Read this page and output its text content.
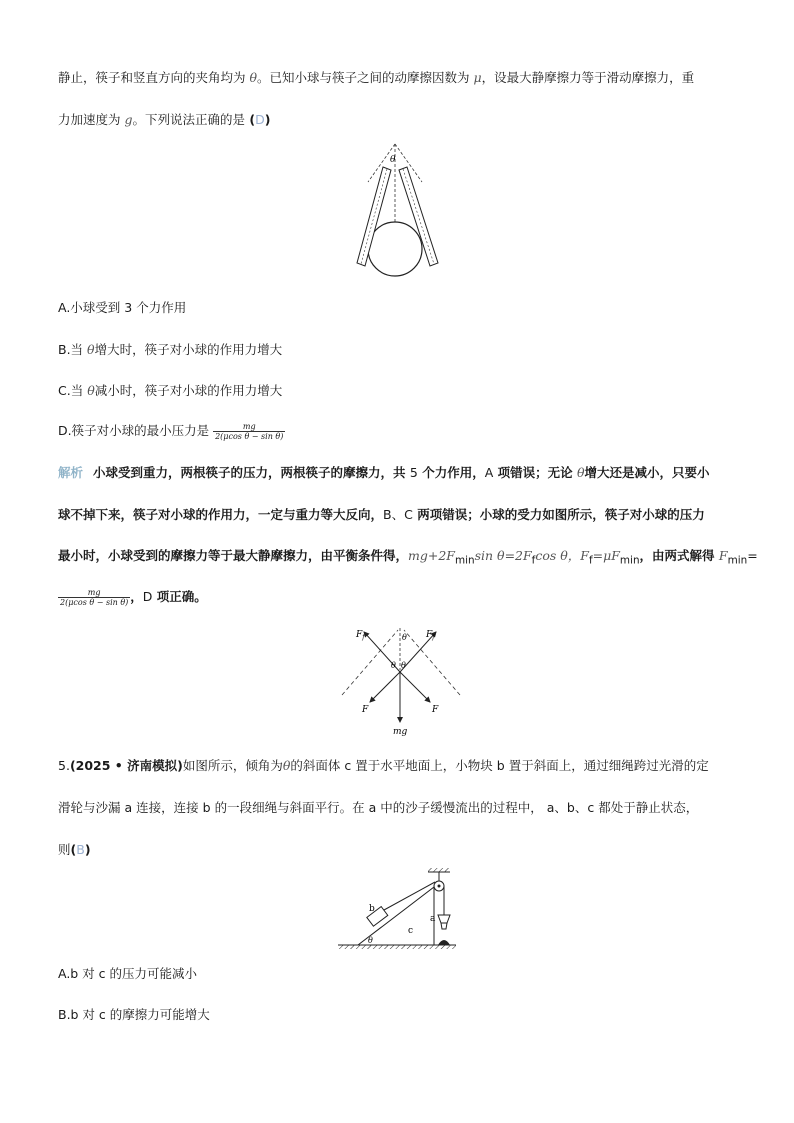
静止，筷子和竖直方向的夹角均为 θ。已知小球与筷子之间的动摩擦因数为 μ，设最大静摩擦力等于滑动摩擦力，重
力加速度为 g。下列说法正确的是 (D)
θ
A.小球受到 3 个力作用
B.当 θ增大时，筷子对小球的作用力增大
C.当 θ减小时，筷子对小球的作用力增大
D.筷子对小球的最小压力是 $\frac{mg}{\text{2(μcos θ − sin θ)}}$
解析 小球受到重力，两根筷子的压力，两根筷子的摩擦力，共 5 个力作用，A 项错误；无论 θ增大还是减小，只要小
球不掉下来，筷子对小球的作用力，一定与重力等大反向，B、C 两项错误；小球的受力如图所示，筷子对小球的压力
最小时，小球受到的摩擦力等于最大静摩擦力，由平衡条件得，$mg+2F_{min}\sin$ $\theta=2F_f\cos$ θ，$F_f=\mu F_{min}$，由两式解得 $F_{min}=$
$\frac{mg}{\text{2(μcos θ − sin θ)}}$ ，D 项正确。
$F_f$	$F_f$
F	F
mg
θ
θ θ
5.(2025 • 济南模拟)如图所示，倾角为θ的斜面体 c 置于水平地面上，小物块 b 置于斜面上，通过细绳跨过光滑的定
滑轮与沙漏 a 连接，连接 b 的一段细绳与斜面平行。在 a 中的沙子缓慢流出的过程中， a、b、c 都处于静止状态，
则(B)
b
c
a
θ
A.b 对 c 的压力可能减小
B.b 对 c 的摩擦力可能增大
